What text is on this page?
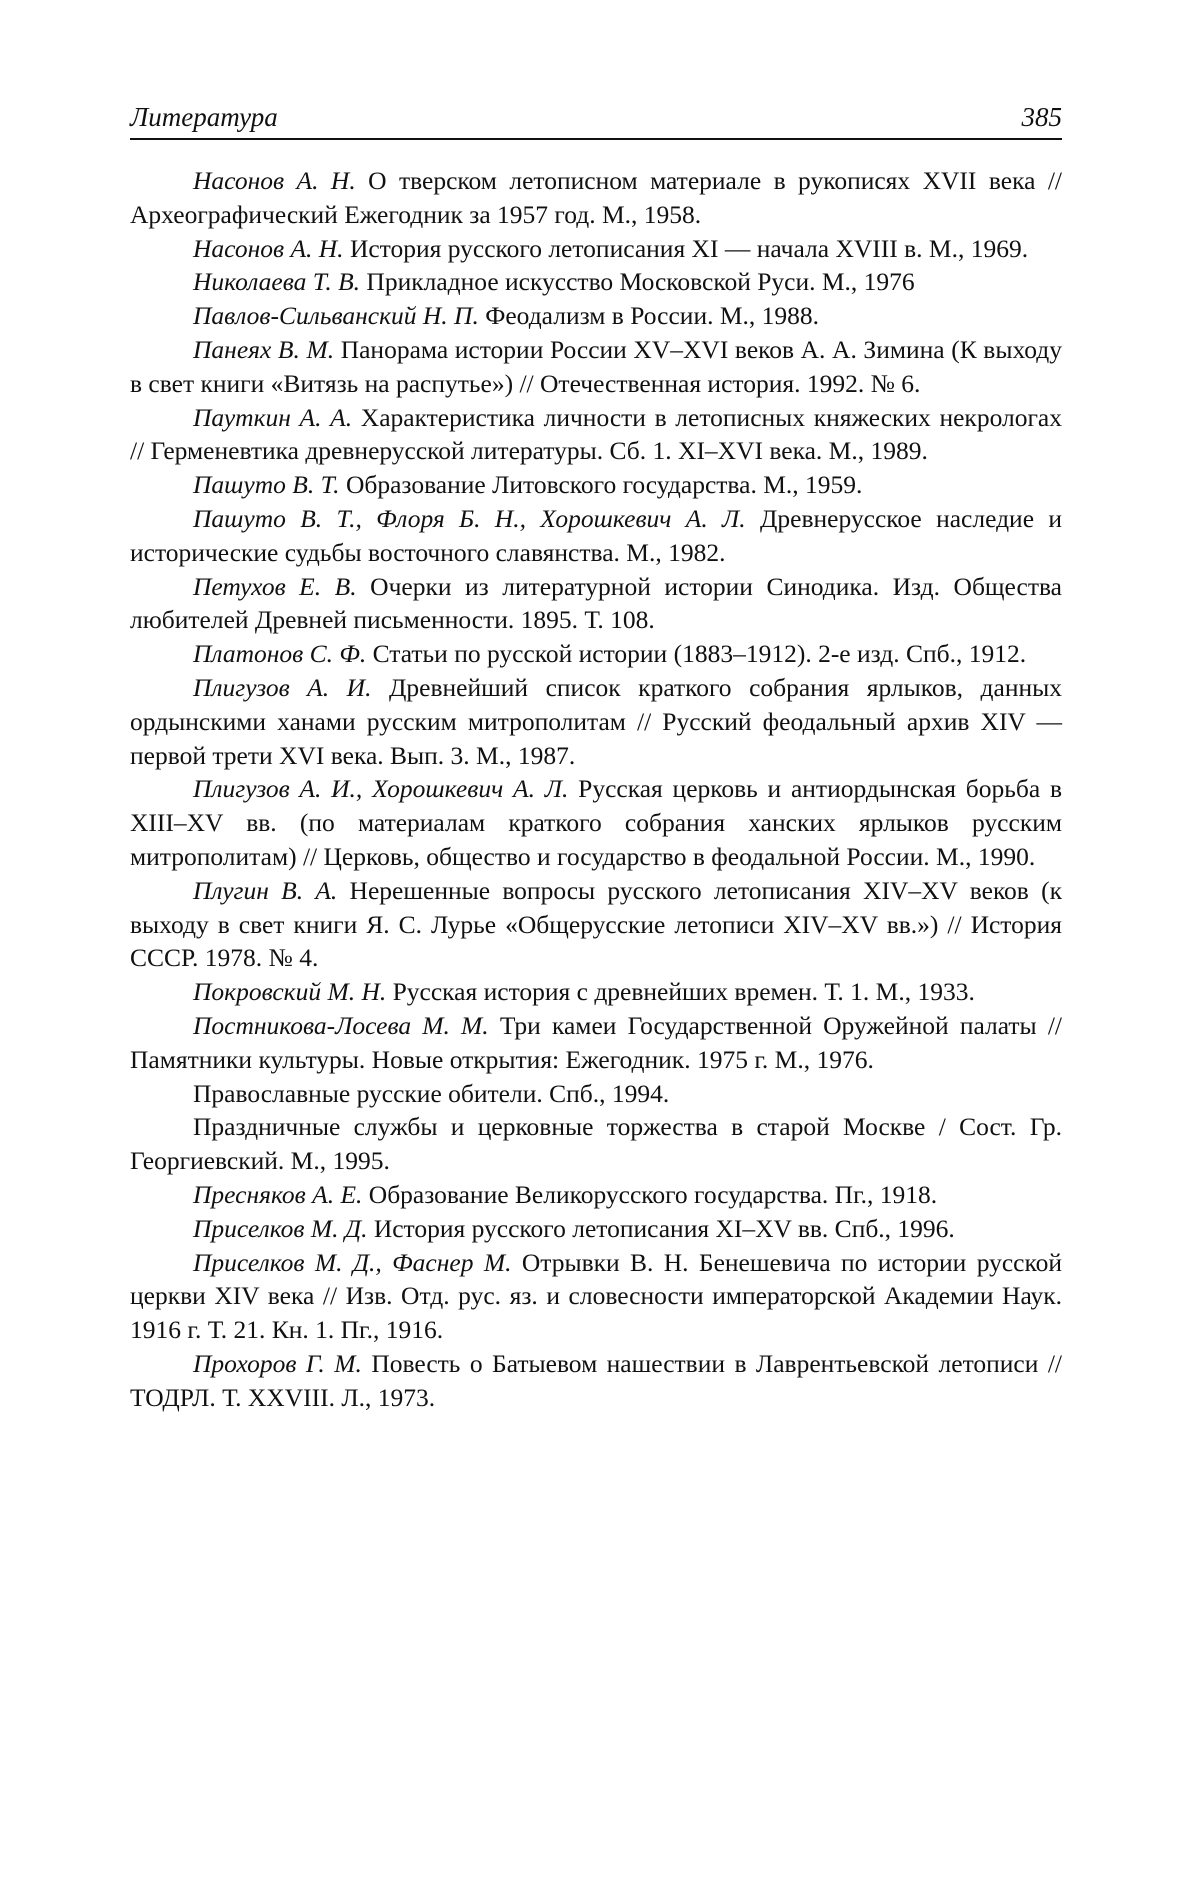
Литература	385

Насонов А. Н. О тверском летописном материале в рукописях XVII века // Археографический Ежегодник за 1957 год. М., 1958.

Насонов А. Н. История русского летописания XI — начала XVIII в. М., 1969.

Николаева Т. В. Прикладное искусство Московской Руси. М., 1976

Павлов-Сильванский Н. П. Феодализм в России. М., 1988.

Панеях В. М. Панорама истории России XV–XVI веков А. А. Зимина (К выходу в свет книги «Витязь на распутье») // Отечественная история. 1992. № 6.

Пауткин А. А. Характеристика личности в летописных княжеских некрологах // Герменевтика древнерусской литературы. Сб. 1. XI–XVI века. М., 1989.

Пашуто В. Т. Образование Литовского государства. М., 1959.

Пашуто В. Т., Флоря Б. Н., Хорошкевич А. Л. Древнерусское наследие и исторические судьбы восточного славянства. М., 1982.

Петухов Е. В. Очерки из литературной истории Синодика. Изд. Общества любителей Древней письменности. 1895. Т. 108.

Платонов С. Ф. Статьи по русской истории (1883–1912). 2-е изд. Спб., 1912.

Плигузов А. И. Древнейший список краткого собрания ярлыков, данных ордынскими ханами русским митрополитам // Русский феодальный архив XIV — первой трети XVI века. Вып. 3. М., 1987.

Плигузов А. И., Хорошкевич А. Л. Русская церковь и антиордынская борьба в XIII–XV вв. (по материалам краткого собрания ханских ярлыков русским митрополитам) // Церковь, общество и государство в феодальной России. М., 1990.

Плугин В. А. Нерешенные вопросы русского летописания XIV–XV веков (к выходу в свет книги Я. С. Лурье «Общерусские летописи XIV–XV вв.») // История СССР. 1978. № 4.

Покровский М. Н. Русская история с древнейших времен. Т. 1. М., 1933.

Постникова-Лосева М. М. Три камеи Государственной Оружейной палаты // Памятники культуры. Новые открытия: Ежегодник. 1975 г. М., 1976.

Православные русские обители. Спб., 1994.

Праздничные службы и церковные торжества в старой Москве / Сост. Гр. Георгиевский. М., 1995.

Пресняков А. Е. Образование Великорусского государства. Пг., 1918.

Приселков М. Д. История русского летописания XI–XV вв. Спб., 1996.

Приселков М. Д., Фаснер М. Отрывки В. Н. Бенешевича по истории русской церкви XIV века // Изв. Отд. рус. яз. и словесности императорской Академии Наук. 1916 г. Т. 21. Кн. 1. Пг., 1916.

Прохоров Г. М. Повесть о Батыевом нашествии в Лаврентьевской летописи // ТОДРЛ. Т. XXVIII. Л., 1973.
